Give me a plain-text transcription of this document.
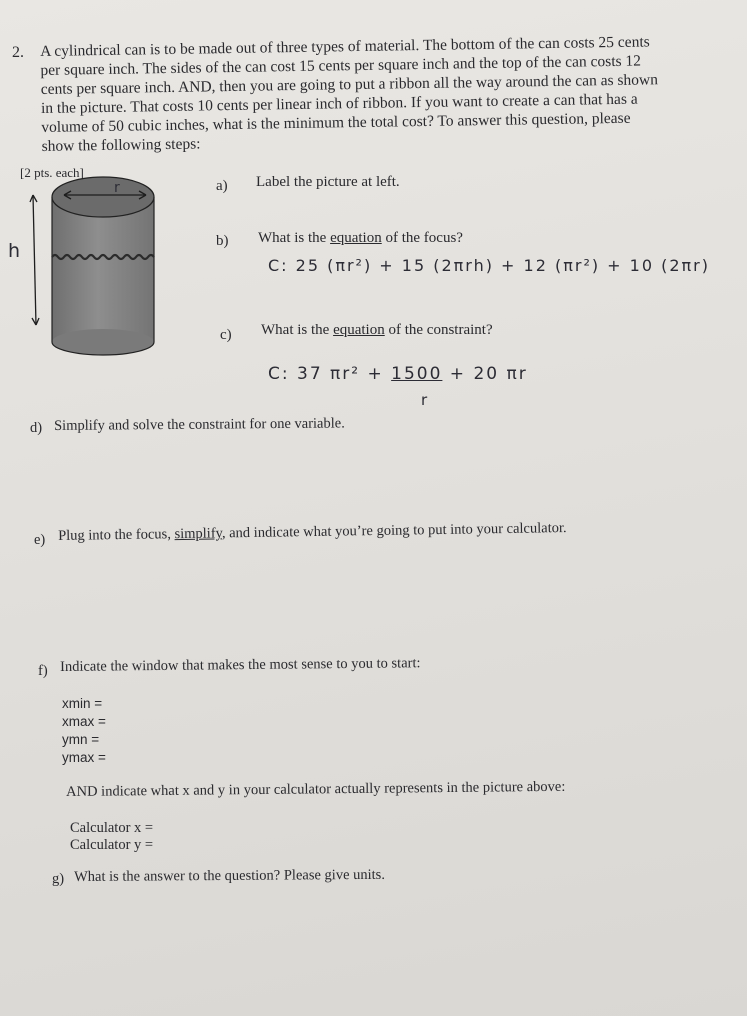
2. A cylindrical can is to be made out of three types of material. The bottom of the can costs 25 cents
per square inch. The sides of the can cost 15 cents per square inch and the top of the can costs 12
cents per square inch. AND, then you are going to put a ribbon all the way around the can as shown
in the picture. That costs 10 cents per linear inch of ribbon. If you want to create a can that has a
volume of 50 cubic inches, what is the minimum the total cost? To answer this question, please
show the following steps:
[2 pts. each]
r
h
a) Label the picture at left.
b) What is the equation of the focus?
C: 25 (πr²) + 15 (2πrh) + 12 (πr²) + 10 (2πr)
c) What is the equation of the constraint?
C: 37 πr² + 1500 + 20 πr
r
d) Simplify and solve the constraint for one variable.
e) Plug into the focus, simplify, and indicate what you’re going to put into your calculator.
f) Indicate the window that makes the most sense to you to start:
xmin =
xmax =
ymn =
ymax =
AND indicate what x and y in your calculator actually represents in the picture above:
Calculator x =
Calculator y =
g) What is the answer to the question? Please give units.
